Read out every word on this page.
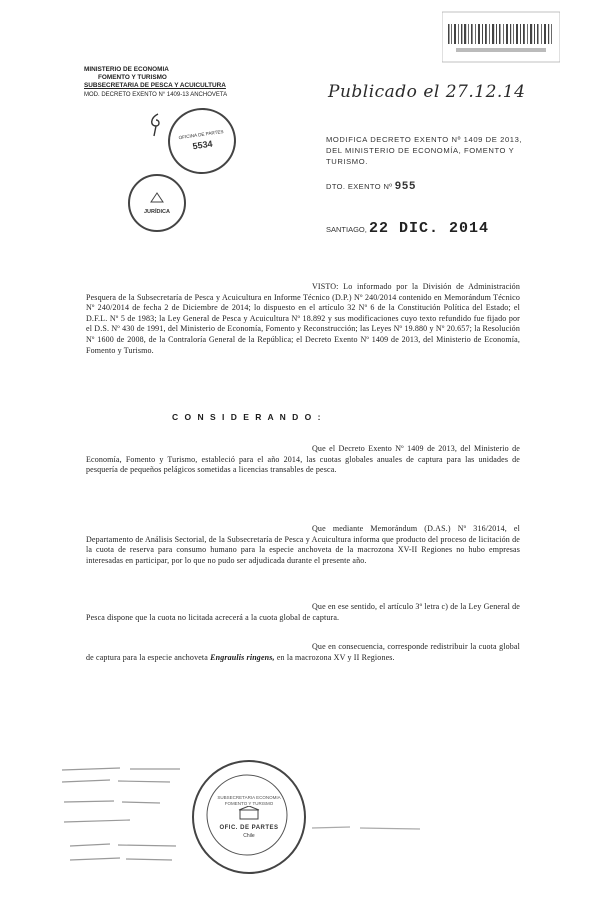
MINISTERIO DE ECONOMIA
FOMENTO Y TURISMO
SUBSECRETARIA DE PESCA Y ACUICULTURA
MOD. DECRETO EXENTO N° 1409-13 ANCHOVETA	Publicado el 27.12.14
MODIFICA DECRETO EXENTO Nº 1409 DE 2013, DEL MINISTERIO DE ECONOMÍA, FOMENTO Y TURISMO.
OFICINA DE PARTES
5534
JURÍDICA
DTO. EXENTO Nº 955
SANTIAGO, 22 DIC. 2014
VISTO: Lo informado por la División de Administración Pesquera de la Subsecretaría de Pesca y Acuicultura en Informe Técnico (D.P.) Nº 240/2014 contenido en Memorándum Técnico Nº 240/2014 de fecha 2 de Diciembre de 2014; lo dispuesto en el artículo 32 Nº 6 de la Constitución Política del Estado; el D.F.L. Nº 5 de 1983; la Ley General de Pesca y Acuicultura Nº 18.892 y sus modificaciones cuyo texto refundido fue fijado por el D.S. Nº 430 de 1991, del Ministerio de Economía, Fomento y Reconstrucción; las Leyes Nº 19.880 y Nº 20.657; la Resolución Nº 1600 de 2008, de la Contraloría General de la República; el Decreto Exento Nº 1409 de 2013, del Ministerio de Economía, Fomento y Turismo.
C O N S I D E R A N D O :
Que el Decreto Exento Nº 1409 de 2013, del Ministerio de Economía, Fomento y Turismo, estableció para el año 2014, las cuotas globales anuales de captura para las unidades de pesquería de pequeños pelágicos sometidas a licencias transables de pesca.
Que mediante Memorándum (D.AS.) Nº 316/2014, el Departamento de Análisis Sectorial, de la Subsecretaría de Pesca y Acuicultura informa que producto del proceso de licitación de la cuota de reserva para consumo humano para la especie anchoveta de la macrozona XV-II Regiones no hubo empresas interesadas en participar, por lo que no pudo ser adjudicada durante el presente año.
Que en ese sentido, el artículo 3º letra c) de la Ley General de Pesca dispone que la cuota no licitada acrecerá a la cuota global de captura.
Que en consecuencia, corresponde redistribuir la cuota global de captura para la especie anchoveta Engraulis ringens, en la macrozona XV y II Regiones.
SUBSECRETARIA ECONOMIA FOMENTO Y TURISMO
OFIC. DE PARTES
Chile
